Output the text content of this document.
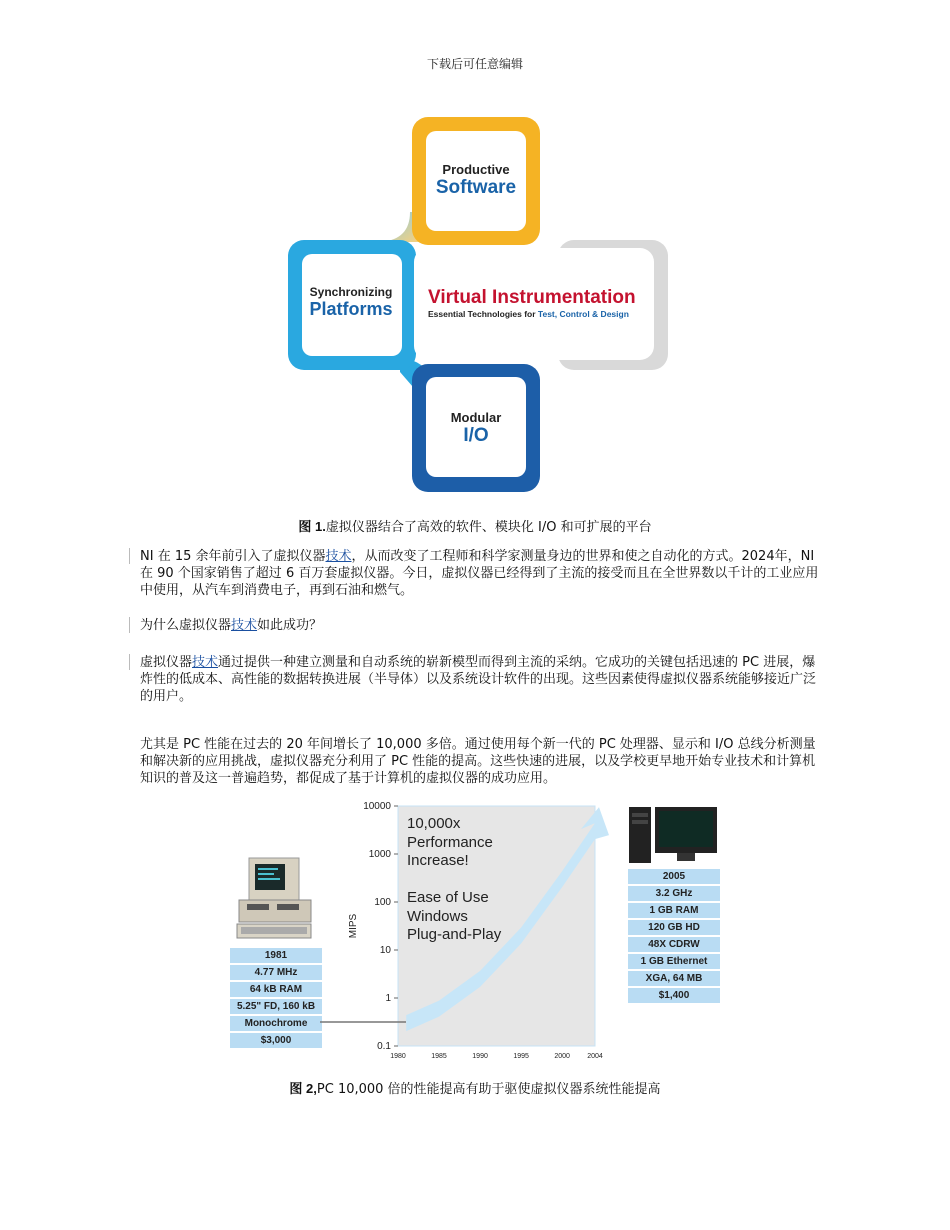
下载后可任意编辑
Productive
Software
Synchronizing
Platforms
Modular
I/O
Virtual Instrumentation
Essential Technologies for Test, Control & Design
图 1.虚拟仪器结合了高效的软件、模块化 I/O 和可扩展的平台
NI 在 15 余年前引入了虚拟仪器技术，从而改变了工程师和科学家测量身边的世界和使之自动化的方式。2024年，NI 在 90 个国家销售了超过 6 百万套虚拟仪器。今日，虚拟仪器已经得到了主流的接受而且在全世界数以千计的工业应用中使用，从汽车到消费电子，再到石油和燃气。
为什么虚拟仪器技术如此成功？
虚拟仪器技术通过提供一种建立测量和自动系统的崭新模型而得到主流的采纳。它成功的关键包括迅速的 PC 进展，爆炸性的低成本、高性能的数据转换进展（半导体）以及系统设计软件的出现。这些因素使得虚拟仪器系统能够接近广泛的用户。
尤其是 PC 性能在过去的 20 年间增长了 10,000 多倍。通过使用每个新一代的 PC 处理器、显示和 I/O 总线分析测量和解决新的应用挑战，虚拟仪器充分利用了 PC 性能的提高。这些快速的进展，以及学校更早地开始专业技术和计算机知识的普及这一普遍趋势，都促成了基于计算机的虚拟仪器的成功应用。
10000
1000
100
10
1
0.1
1980	1985	1990	1995	2000 2004
MIPS
10,000x
Performance
Increase!
Ease of Use
Windows
Plug-and-Play
1981
4.77 MHz
64 kB RAM
5.25" FD, 160 kB
Monochrome
$3,000
2005
3.2 GHz
1 GB RAM
120 GB HD
48X CDRW
1 GB Ethernet
XGA, 64 MB
$1,400
图 2,PC 10,000 倍的性能提高有助于驱使虚拟仪器系统性能提高
